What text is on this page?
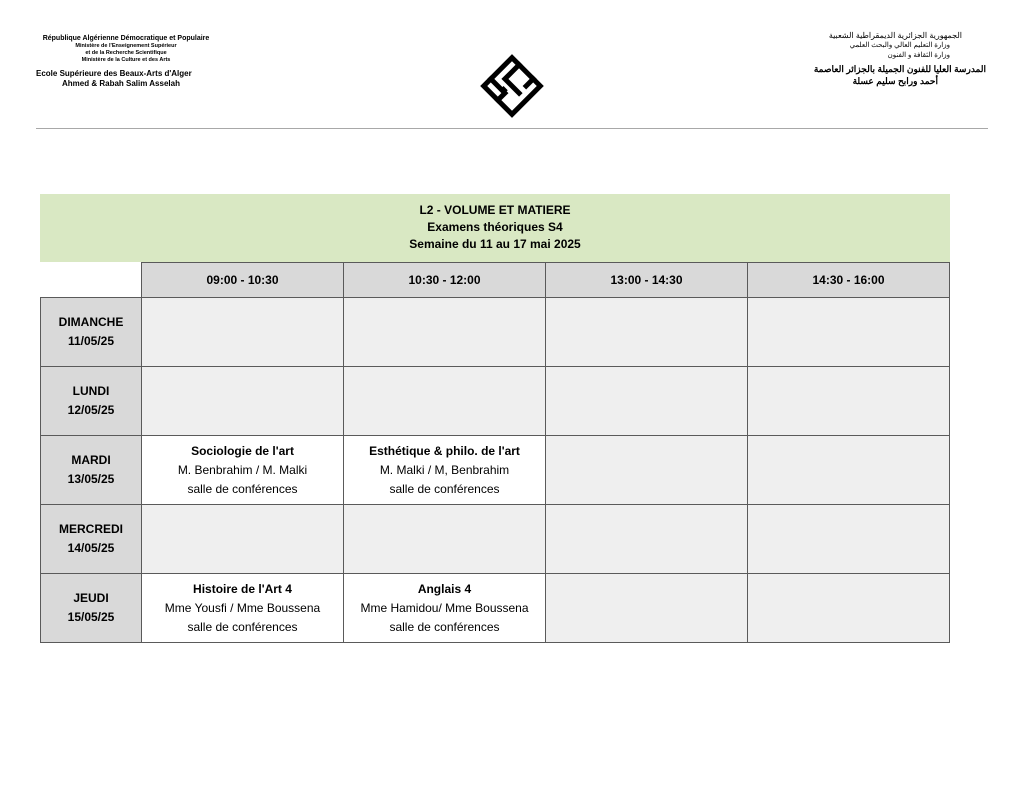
République Algérienne Démocratique et Populaire
Ministère de l'Enseignement Supérieur
et de la Recherche Scientifique
Ministère de la Culture et des Arts
Ecole Supérieure des Beaux-Arts d'Alger
Ahmed & Rabah Salim Asselah
الجمهورية الجزائرية الديمقراطية الشعبية
وزارة التعليم العالي والبحث العلمي
وزارة الثقافة و الفنون
المدرسة العليا للفنون الجميلة بالجزائر العاصمة
أحمد ورابح سليم عسلة
L2 - VOLUME ET MATIERE
Examens théoriques S4
Semaine du 11 au 17 mai 2025
	09:00 - 10:30	10:30 - 12:00	13:00 - 14:30	14:30 - 16:00

DIMANCHE
11/05/25				

LUNDI
12/05/25				

MARDI
13/05/25	Sociologie de l'art
M. Benbrahim / M. Malki
salle de conférences	Esthétique & philo. de l'art
M. Malki / M, Benbrahim
salle de conférences		

MERCREDI
14/05/25				

JEUDI
15/05/25	Histoire de l'Art 4
Mme Yousfi / Mme Boussena
salle de conférences	Anglais 4
Mme Hamidou/ Mme Boussena
salle de conférences		
